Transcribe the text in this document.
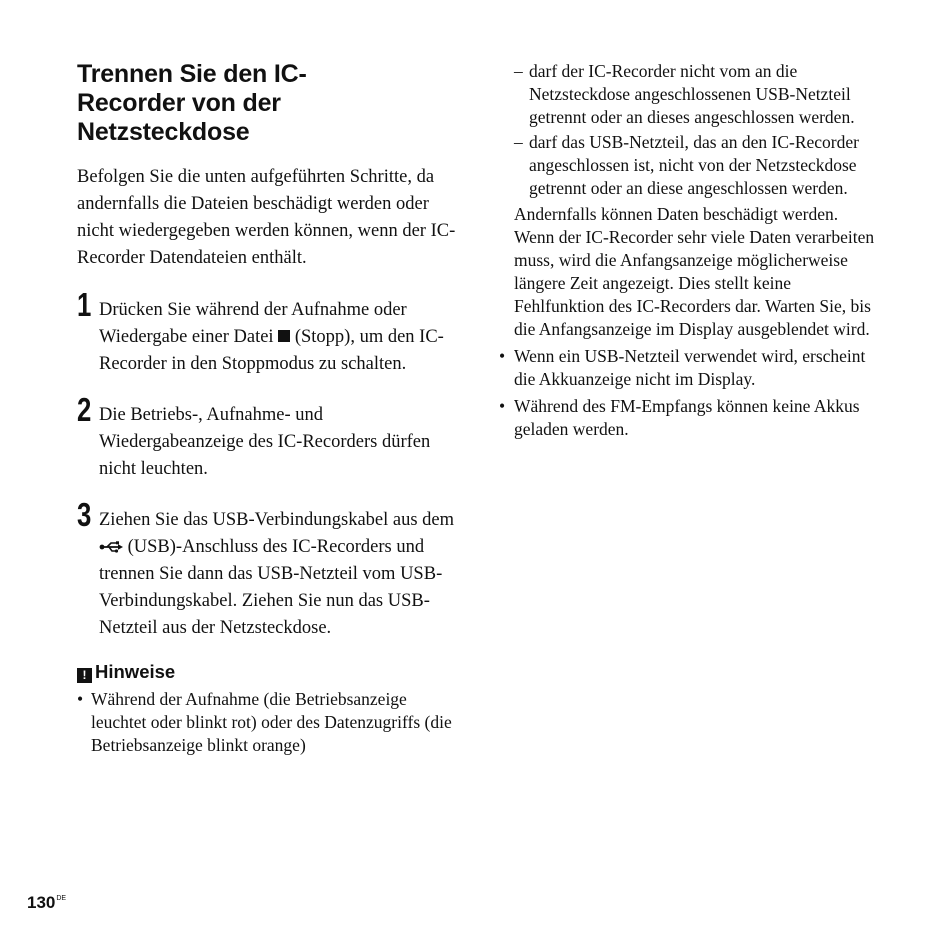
Trennen Sie den IC-
Recorder von der
Netzsteckdose
Befolgen Sie die unten aufgeführten Schritte, da andernfalls die Dateien beschädigt werden oder nicht wiedergegeben werden können, wenn der IC-Recorder Datendateien enthält.
1 Drücken Sie während der Aufnahme oder Wiedergabe einer Datei  (Stopp), um den IC-Recorder in den Stoppmodus zu schalten.
2 Die Betriebs-, Aufnahme- und Wiedergabeanzeige des IC-Recorders dürfen nicht leuchten.
3 Ziehen Sie das USB-Verbindungskabel aus dem  (USB)-Anschluss des IC-Recorders und trennen Sie dann das USB-Netzteil vom USB-Verbindungskabel. Ziehen Sie nun das USB-Netzteil aus der Netzsteckdose.
! Hinweise
• Während der Aufnahme (die Betriebsanzeige leuchtet oder blinkt rot) oder des Datenzugriffs (die Betriebsanzeige blinkt orange)
– darf der IC-Recorder nicht vom an die Netzsteckdose angeschlossenen USB-Netzteil getrennt oder an dieses angeschlossen werden.
– darf das USB-Netzteil, das an den IC-Recorder angeschlossen ist, nicht von der Netzsteckdose getrennt oder an diese angeschlossen werden.
Andernfalls können Daten beschädigt werden. Wenn der IC-Recorder sehr viele Daten verarbeiten muss, wird die Anfangsanzeige möglicherweise längere Zeit angezeigt. Dies stellt keine Fehlfunktion des IC-Recorders dar. Warten Sie, bis die Anfangsanzeige im Display ausgeblendet wird.
• Wenn ein USB-Netzteil verwendet wird, erscheint die Akkuanzeige nicht im Display.
• Während des FM-Empfangs können keine Akkus geladen werden.
130DE
